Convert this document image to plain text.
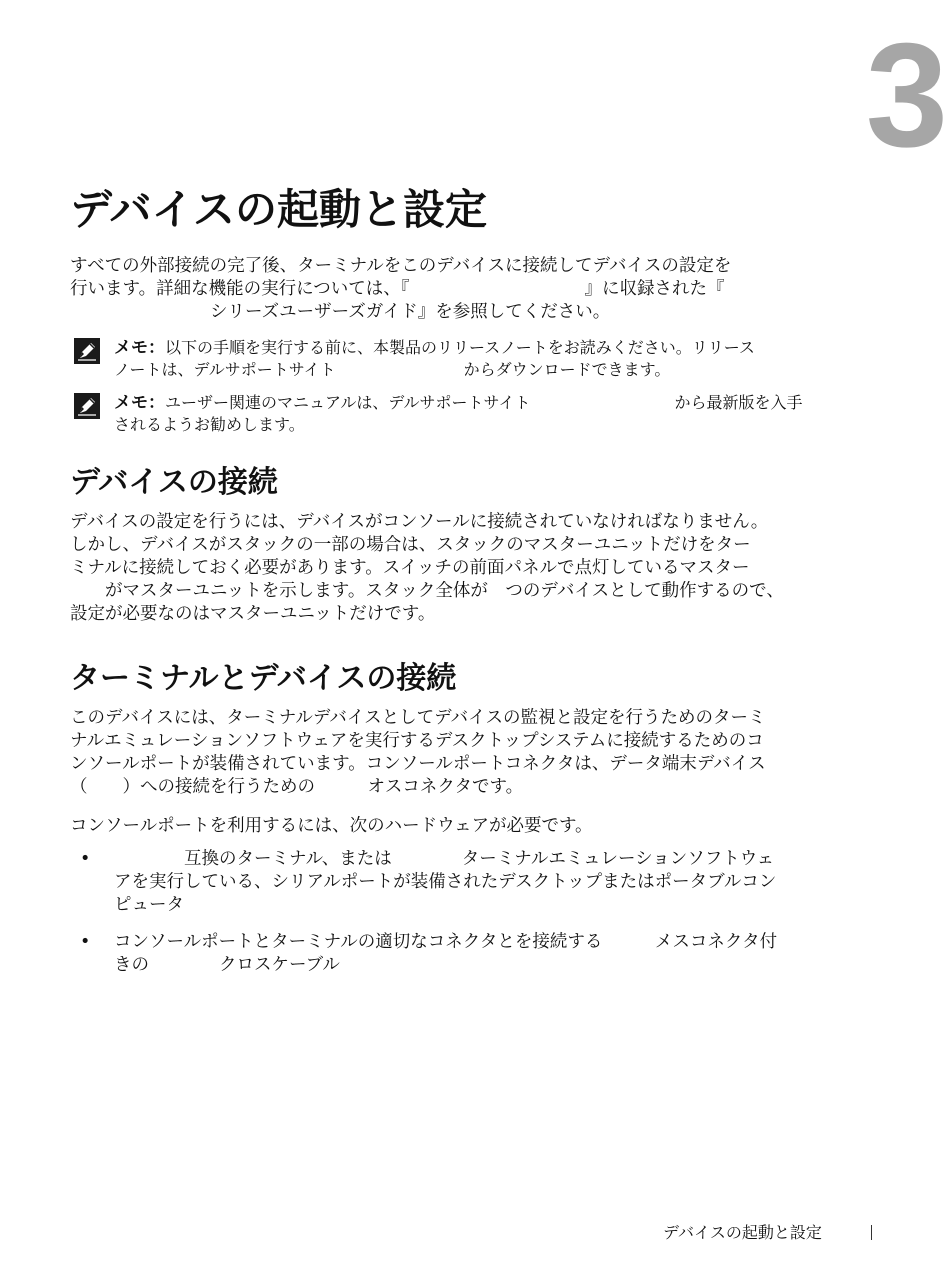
3
デバイスの起動と設定

すべての外部接続の完了後、ターミナルをこのデバイスに接続してデバイスの設定を
行います。詳細な機能の実行については、『　　　　　　　　　　』に収録された『
　　　　　　　　シリーズユーザーズガイド』を参照してください。

メモ：以下の手順を実行する前に、本製品のリリースノートをお読みください。リリース
ノートは、デルサポートサイト　　　　　　　　からダウンロードできます。

メモ：ユーザー関連のマニュアルは、デルサポートサイト　　　　　　　　　から最新版を入手
されるようお勧めします。

デバイスの接続

デバイスの設定を行うには、デバイスがコンソールに接続されていなければなりません。
しかし、デバイスがスタックの一部の場合は、スタックのマスターユニットだけをター
ミナルに接続しておく必要があります。スイッチの前面パネルで点灯しているマスター
　　がマスターユニットを示します。スタック全体が　つのデバイスとして動作するので、
設定が必要なのはマスターユニットだけです。

ターミナルとデバイスの接続

このデバイスには、ターミナルデバイスとしてデバイスの監視と設定を行うためのターミ
ナルエミュレーションソフトウェアを実行するデスクトップシステムに接続するためのコ
ンソールポートが装備されています。コンソールポートコネクタは、データ端末デバイス
（　　）への接続を行うための　　　オスコネクタです。

コンソールポートを利用するには、次のハードウェアが必要です。

• 　　　　互換のターミナル、または　　　　ターミナルエミュレーションソフトウェ
アを実行している、シリアルポートが装備されたデスクトップまたはポータブルコン
ピュータ

• コンソールポートとターミナルの適切なコネクタとを接続する　　　メスコネクタ付
きの　　　　クロスケーブル

デバイスの起動と設定
